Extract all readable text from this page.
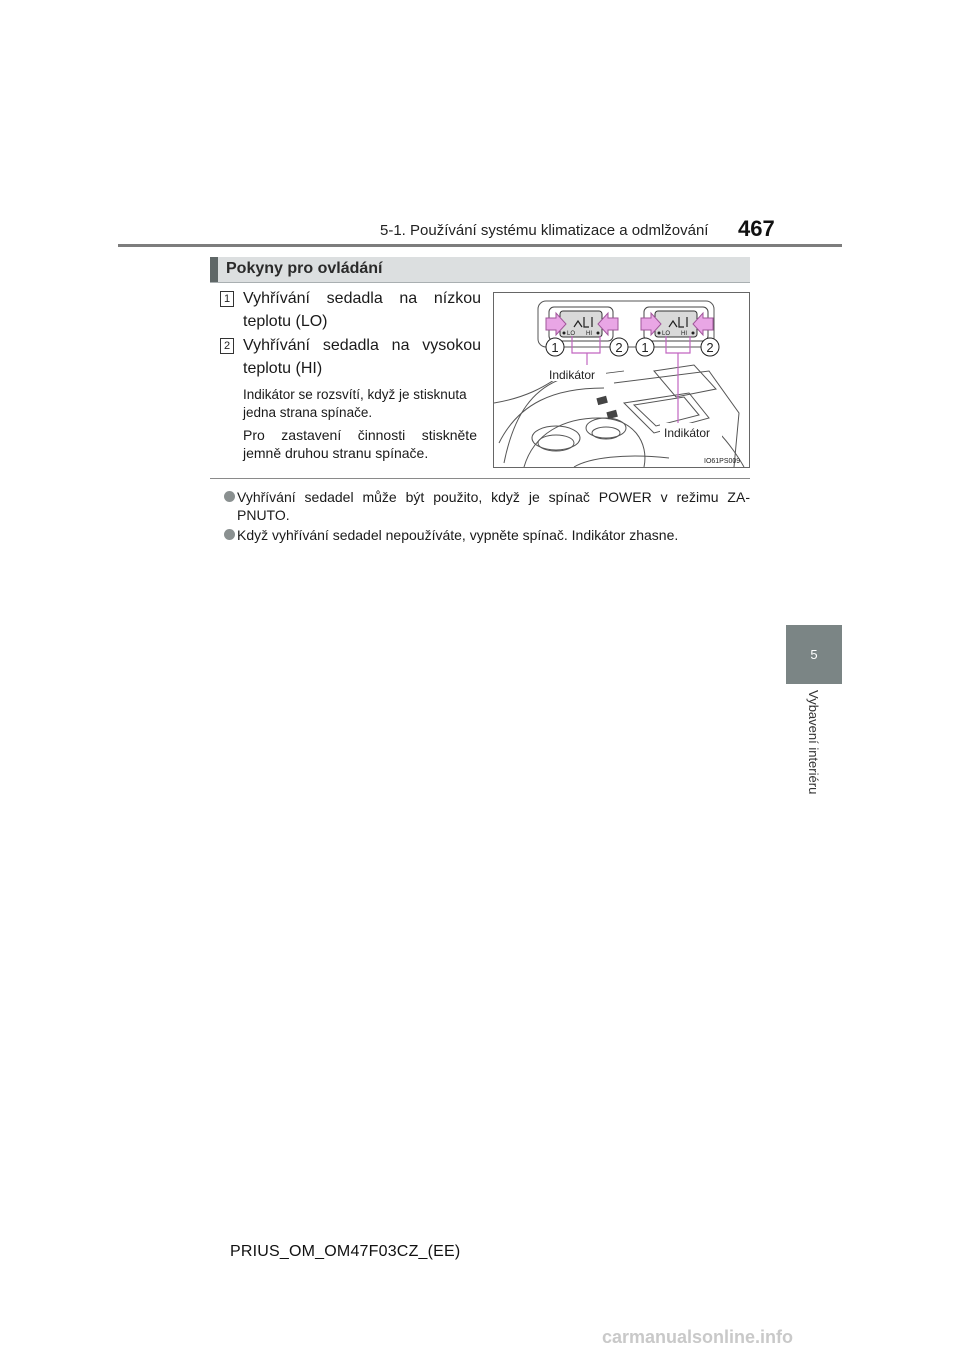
5-1. Používání systému klimatizace a odmlžování 467
5
Vybavení interiéru
Pokyny pro ovládání
1 Vyhřívání sedadla na nízkou
teplotu (LO)
2 Vyhřívání sedadla na vysokou
teplotu (HI)
Indikátor se rozsvítí, když je stisknuta
jedna strana spínače.
Pro zastavení činnosti stiskněte
jemně druhou stranu spínače.
LO HI	LO HI
1	2 1	2
Indikátor
Indikátor
IO61PS009
Vyhřívání sedadel může být použito, když je spínač POWER v režimu ZA-
PNUTO.
Když vyhřívání sedadel nepoužíváte, vypněte spínač. Indikátor zhasne.
PRIUS_OM_OM47F03CZ_(EE)
carmanualsonline.info
